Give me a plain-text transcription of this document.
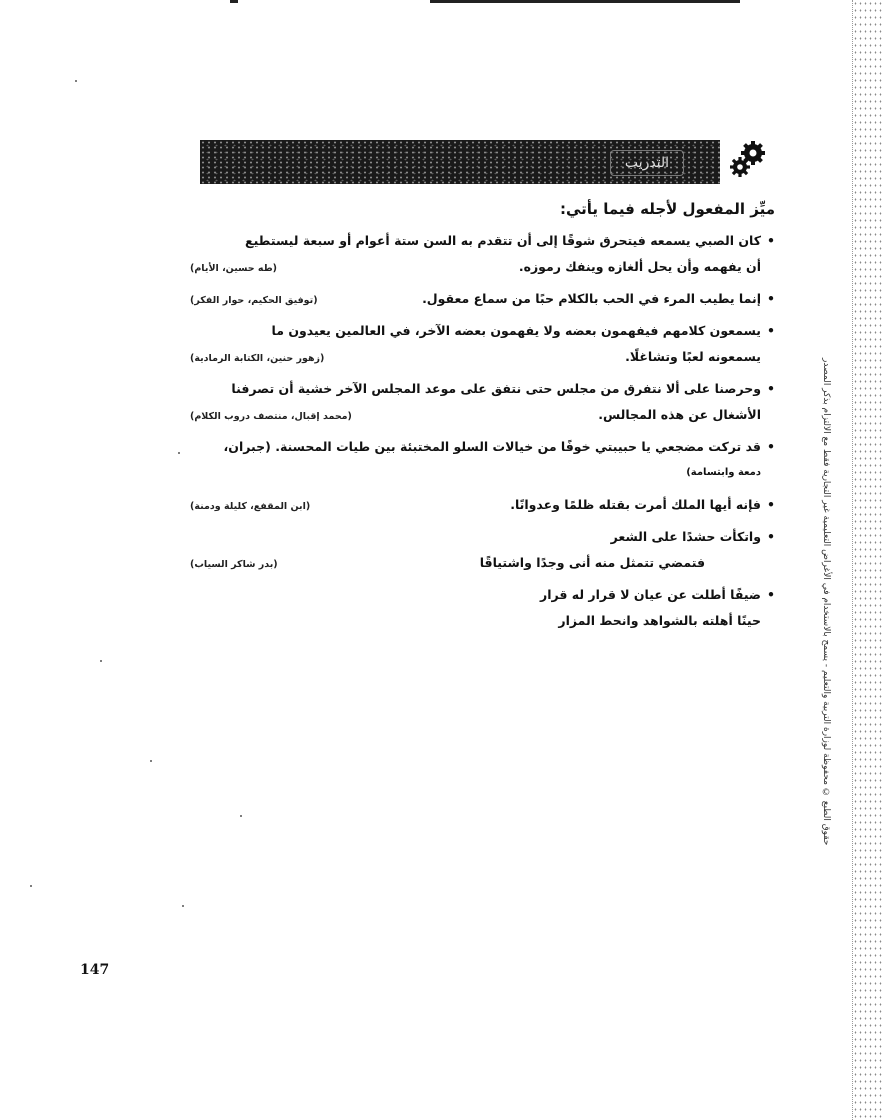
حقوق الطبع © محفوظة لوزارة التربية والتعليم - يسمح بالاستخدام في الأغراض التعليمية غير التجارية فقط مع الالتزام بذكر المصدر
التدريب
ميِّز المفعول لأجله فيما يأتي:
•كان الصبي يسمعه فيتحرق شوقًا إلى أن تتقدم به السن ستة أعوام أو سبعة ليستطيع
أن يفهمه وأن يحل ألغازه وينفك رموزه.
(طه حسين، الأيام)
•إنما يطيب المرء في الحب بالكلام حبًا من سماع معقول.
(توفيق الحكيم، حوار الفكر)
•يسمعون كلامهم فيفهمون بعضه ولا يفهمون بعضه الآخر، في العالمين يعيدون ما
يسمعونه لعبًا وتشاغلًا.
(زهور حنين، الكتابة الرمادية)
•وحرصنا على ألا نتفرق من مجلس حتى نتفق على موعد المجلس الآخر خشية أن تصرفنا
الأشغال عن هذه المجالس.
(محمد إقبال، منتصف دروب الكلام)
•قد تركت مضجعي يا حبيبتي خوفًا من خيالات السلو المختبئة بين طيات المحسنة. (جبران،
دمعة وابتسامة)
•فإنه أيها الملك أمرت بقتله ظلمًا وعدوانًا.
(ابن المقفع، كليلة ودمنة)
•واتكأت حشدًا على الشعر
فتمضي تتمثل منه أنى وجدًا واشتياقًا
(بدر شاكر السياب)
•ضيفًا أطلت عن عيان لا قرار له قرار
حينًا أهلته بالشواهد وانحط المزار
147
